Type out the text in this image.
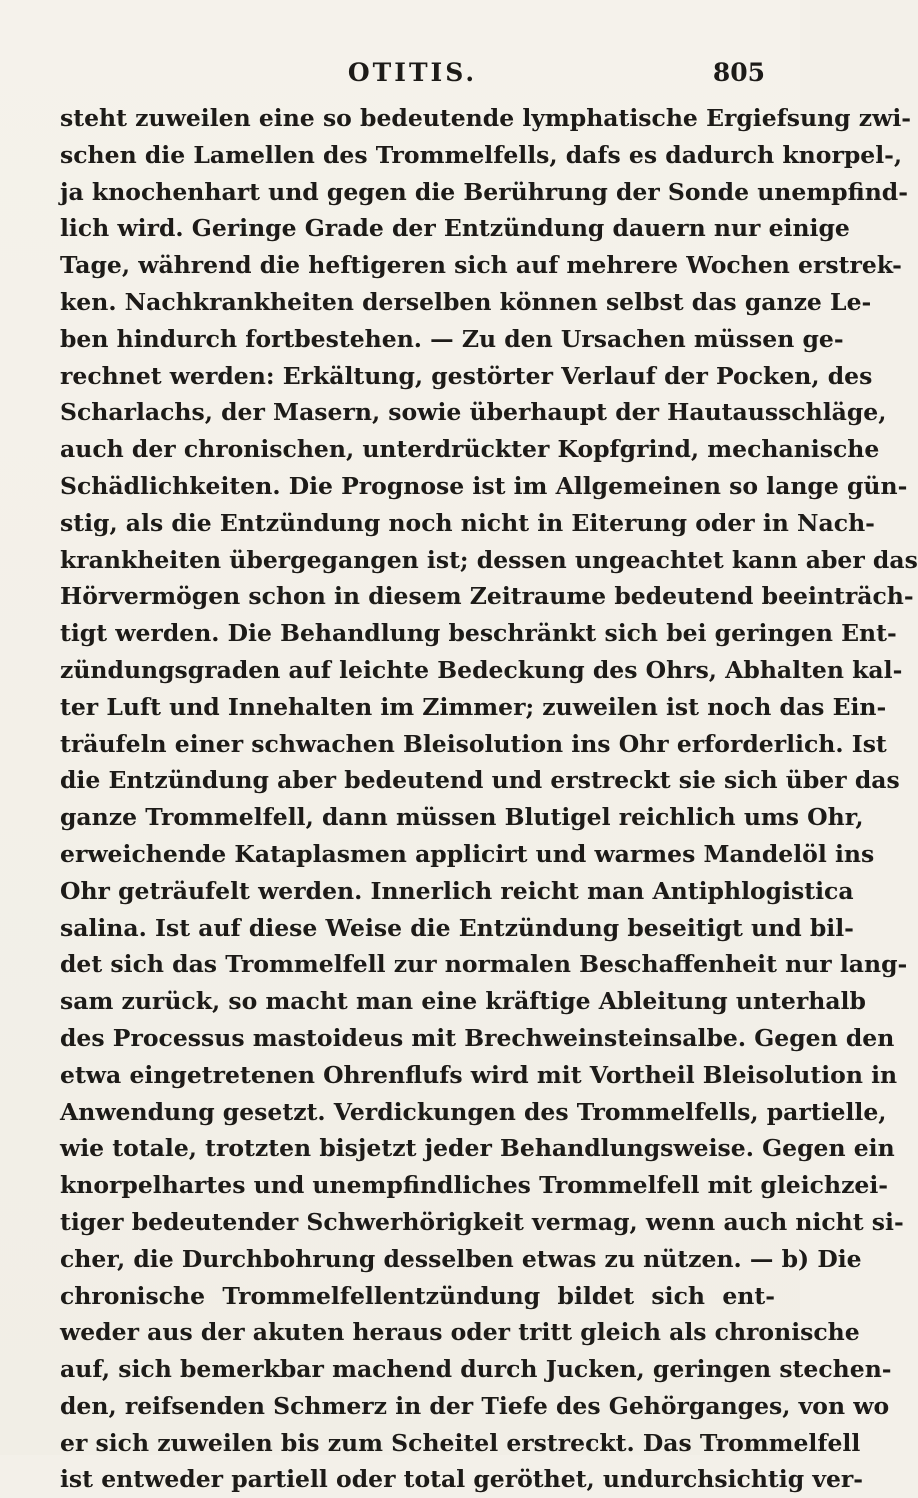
OTITIS.	805
steht zuweilen eine so bedeutende lymphatische Ergiefsung zwi-
schen die Lamellen des Trommelfells, dafs es dadurch knorpel-,
ja knochenhart und gegen die Berührung der Sonde unempfind-
lich wird. Geringe Grade der Entzündung dauern nur einige
Tage, während die heftigeren sich auf mehrere Wochen erstrek-
ken. Nachkrankheiten derselben können selbst das ganze Le-
ben hindurch fortbestehen. — Zu den Ursachen müssen ge-
rechnet werden: Erkältung, gestörter Verlauf der Pocken, des
Scharlachs, der Masern, sowie überhaupt der Hautausschläge,
auch der chronischen, unterdrückter Kopfgrind, mechanische
Schädlichkeiten. Die Prognose ist im Allgemeinen so lange gün-
stig, als die Entzündung noch nicht in Eiterung oder in Nach-
krankheiten übergegangen ist; dessen ungeachtet kann aber das
Hörvermögen schon in diesem Zeitraume bedeutend beeinträch-
tigt werden. Die Behandlung beschränkt sich bei geringen Ent-
zündungsgraden auf leichte Bedeckung des Ohrs, Abhalten kal-
ter Luft und Innehalten im Zimmer; zuweilen ist noch das Ein-
träufeln einer schwachen Bleisolution ins Ohr erforderlich. Ist
die Entzündung aber bedeutend und erstreckt sie sich über das
ganze Trommelfell, dann müssen Blutigel reichlich ums Ohr,
erweichende Kataplasmen applicirt und warmes Mandelöl ins
Ohr geträufelt werden. Innerlich reicht man Antiphlogistica
salina. Ist auf diese Weise die Entzündung beseitigt und bil-
det sich das Trommelfell zur normalen Beschaffenheit nur lang-
sam zurück, so macht man eine kräftige Ableitung unterhalb
des Processus mastoideus mit Brechweinsteinsalbe. Gegen den
etwa eingetretenen Ohrenflufs wird mit Vortheil Bleisolution in
Anwendung gesetzt. Verdickungen des Trommelfells, partielle,
wie totale, trotzten bisjetzt jeder Behandlungsweise. Gegen ein
knorpelhartes und unempfindliches Trommelfell mit gleichzei-
tiger bedeutender Schwerhörigkeit vermag, wenn auch nicht si-
cher, die Durchbohrung desselben etwas zu nützen. — b) Die
chronische Trommelfellentzündung bildet sich ent-
weder aus der akuten heraus oder tritt gleich als chronische
auf, sich bemerkbar machend durch Jucken, geringen stechen-
den, reifsenden Schmerz in der Tiefe des Gehörganges, von wo
er sich zuweilen bis zum Scheitel erstreckt. Das Trommelfell
ist entweder partiell oder total geröthet, undurchsichtig ver-
